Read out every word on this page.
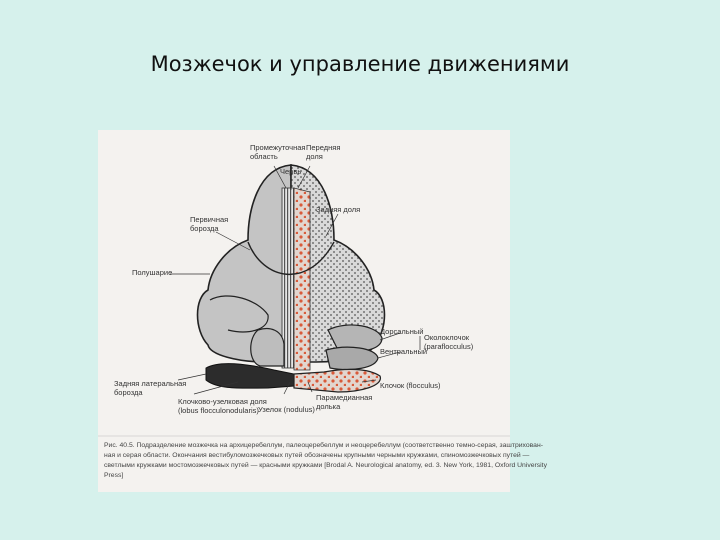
Мозжечок и управление движениями
Промежуточная
область
Передняя
доля
Червь
Первичная
борозда
Задняя доля
Полушарие
Дорсальный
Вентральный
Околоклочок
(paraflocculus)
Задняя латеральная
борозда
Клочково-узелковая доля
(lobus flocculonodularis) Узелок (nodulus)
Парамедианная
долька
Клочок (flocculus)
Рис. 40.5. Подразделение мозжечка на архицеребеллум, палеоцеребеллум и неоцеребеллум (соответственно темно-серая, заштрихован-
ная и серая области. Окончания вестибуломозжечковых путей обозначены крупными черными кружками, спиномозжечковых путей —
светлыми кружками мостомозжечковых путей — красными кружками [Brodal A. Neurological anatomy, ed. 3. New York, 1981, Oxford University
Press]
